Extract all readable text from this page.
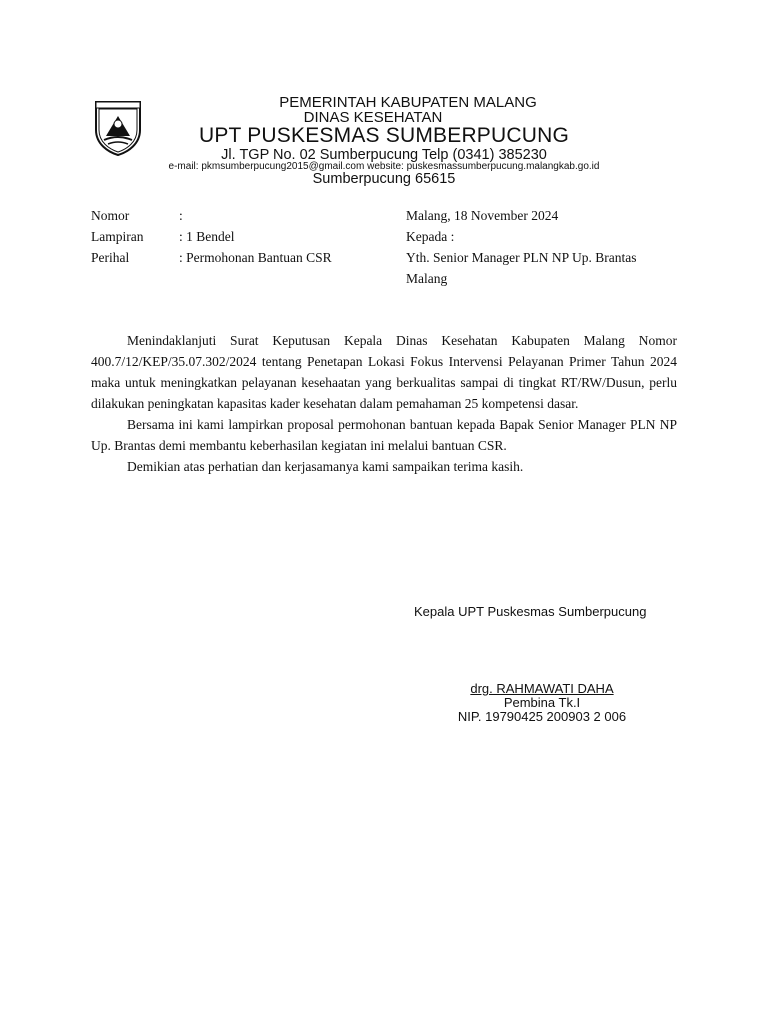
PEMERINTAH KABUPATEN MALANG
DINAS KESEHATAN
UPT PUSKESMAS SUMBERPUCUNG
Jl. TGP No. 02 Sumberpucung Telp (0341) 385230
e-mail: pkmsumberpucung2015@gmail.com website: puskesmassumberpucung.malangkab.go.id
Sumberpucung 65615
Nomor	:	Malang, 18 November 2024
Lampiran	: 1 Bendel	Kepada :
Perihal	: Permohonan Bantuan CSR	Yth. Senior Manager PLN NP Up. Brantas Malang

Menindaklanjuti Surat Keputusan Kepala Dinas Kesehatan Kabupaten Malang Nomor 400.7/12/KEP/35.07.302/2024 tentang Penetapan Lokasi Fokus Intervensi Pelayanan Primer Tahun 2024 maka untuk meningkatkan pelayanan kesehaatan yang berkualitas sampai di tingkat RT/RW/Dusun, perlu dilakukan peningkatan kapasitas kader kesehatan dalam pemahaman 25 kompetensi dasar.

Bersama ini kami lampirkan proposal permohonan bantuan kepada Bapak Senior Manager PLN NP Up. Brantas demi membantu keberhasilan kegiatan ini melalui bantuan CSR.

Demikian atas perhatian dan kerjasamanya kami sampaikan terima kasih.

Kepala UPT Puskesmas Sumberpucung
drg. RAHMAWATI DAHA
Pembina Tk.I
NIP. 19790425 200903 2 006
